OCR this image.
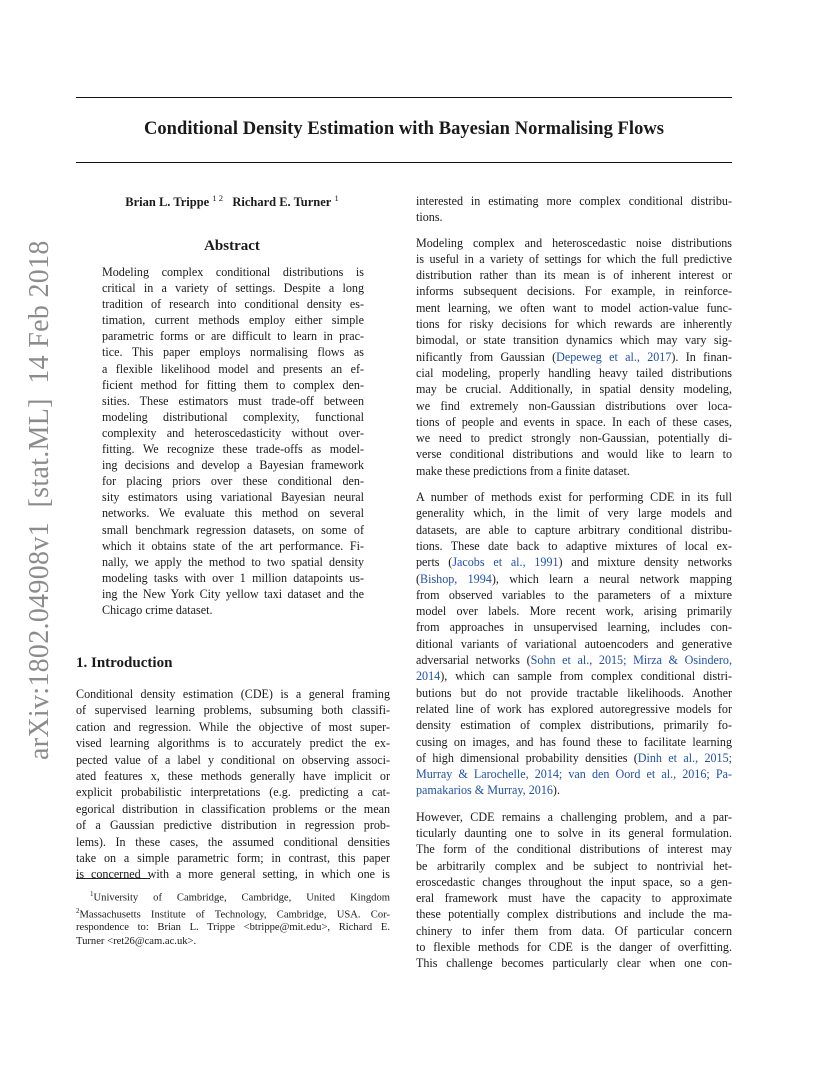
Conditional Density Estimation with Bayesian Normalising Flows
arXiv:1802.04908v1  [stat.ML]  14 Feb 2018
Brian L. Trippe $^{1 2}$ Richard E. Turner $^1$
Abstract
Modeling complex conditional distributions is
critical in a variety of settings. Despite a long
tradition of research into conditional density es-
timation, current methods employ either simple
parametric forms or are difficult to learn in prac-
tice. This paper employs normalising flows as
a flexible likelihood model and presents an ef-
ficient method for fitting them to complex den-
sities. These estimators must trade-off between
modeling distributional complexity, functional
complexity and heteroscedasticity without over-
fitting. We recognize these trade-offs as model-
ing decisions and develop a Bayesian framework
for placing priors over these conditional den-
sity estimators using variational Bayesian neural
networks. We evaluate this method on several
small benchmark regression datasets, on some of
which it obtains state of the art performance. Fi-
nally, we apply the method to two spatial density
modeling tasks with over 1 million datapoints us-
ing the New York City yellow taxi dataset and the
Chicago crime dataset.
1. Introduction
Conditional density estimation (CDE) is a general framing
of supervised learning problems, subsuming both classifi-
cation and regression. While the objective of most super-
vised learning algorithms is to accurately predict the ex-
pected value of a label y conditional on observing associ-
ated features x, these methods generally have implicit or
explicit probabilistic interpretations (e.g. predicting a cat-
egorical distribution in classification problems or the mean
of a Gaussian predictive distribution in regression prob-
lems). In these cases, the assumed conditional densities
take on a simple parametric form; in contrast, this paper
is concerned with a more general setting, in which one is
$^1$University of Cambridge, Cambridge, United Kingdom
$^2$Massachusetts Institute of Technology, Cambridge, USA. Cor-
respondence to: Brian L. Trippe <btrippe@mit.edu>, Richard E.
Turner <ret26@cam.ac.uk>.
interested in estimating more complex conditional distribu-
tions.
Modeling complex and heteroscedastic noise distributions
is useful in a variety of settings for which the full predictive
distribution rather than its mean is of inherent interest or
informs subsequent decisions. For example, in reinforce-
ment learning, we often want to model action-value func-
tions for risky decisions for which rewards are inherently
bimodal, or state transition dynamics which may vary sig-
nificantly from Gaussian (Depeweg et al., 2017). In finan-
cial modeling, properly handling heavy tailed distributions
may be crucial. Additionally, in spatial density modeling,
we find extremely non-Gaussian distributions over loca-
tions of people and events in space. In each of these cases,
we need to predict strongly non-Gaussian, potentially di-
verse conditional distributions and would like to learn to
make these predictions from a finite dataset.
A number of methods exist for performing CDE in its full
generality which, in the limit of very large models and
datasets, are able to capture arbitrary conditional distribu-
tions. These date back to adaptive mixtures of local ex-
perts (Jacobs et al., 1991) and mixture density networks
(Bishop, 1994), which learn a neural network mapping
from observed variables to the parameters of a mixture
model over labels. More recent work, arising primarily
from approaches in unsupervised learning, includes con-
ditional variants of variational autoencoders and generative
adversarial networks (Sohn et al., 2015; Mirza & Osindero,
2014), which can sample from complex conditional distri-
butions but do not provide tractable likelihoods. Another
related line of work has explored autoregressive models for
density estimation of complex distributions, primarily fo-
cusing on images, and has found these to facilitate learning
of high dimensional probability densities (Dinh et al., 2015;
Murray & Larochelle, 2014; van den Oord et al., 2016; Pa-
pamakarios & Murray, 2016).
However, CDE remains a challenging problem, and a par-
ticularly daunting one to solve in its general formulation.
The form of the conditional distributions of interest may
be arbitrarily complex and be subject to nontrivial het-
eroscedastic changes throughout the input space, so a gen-
eral framework must have the capacity to approximate
these potentially complex distributions and include the ma-
chinery to infer them from data. Of particular concern
to flexible methods for CDE is the danger of overfitting.
This challenge becomes particularly clear when one con-
